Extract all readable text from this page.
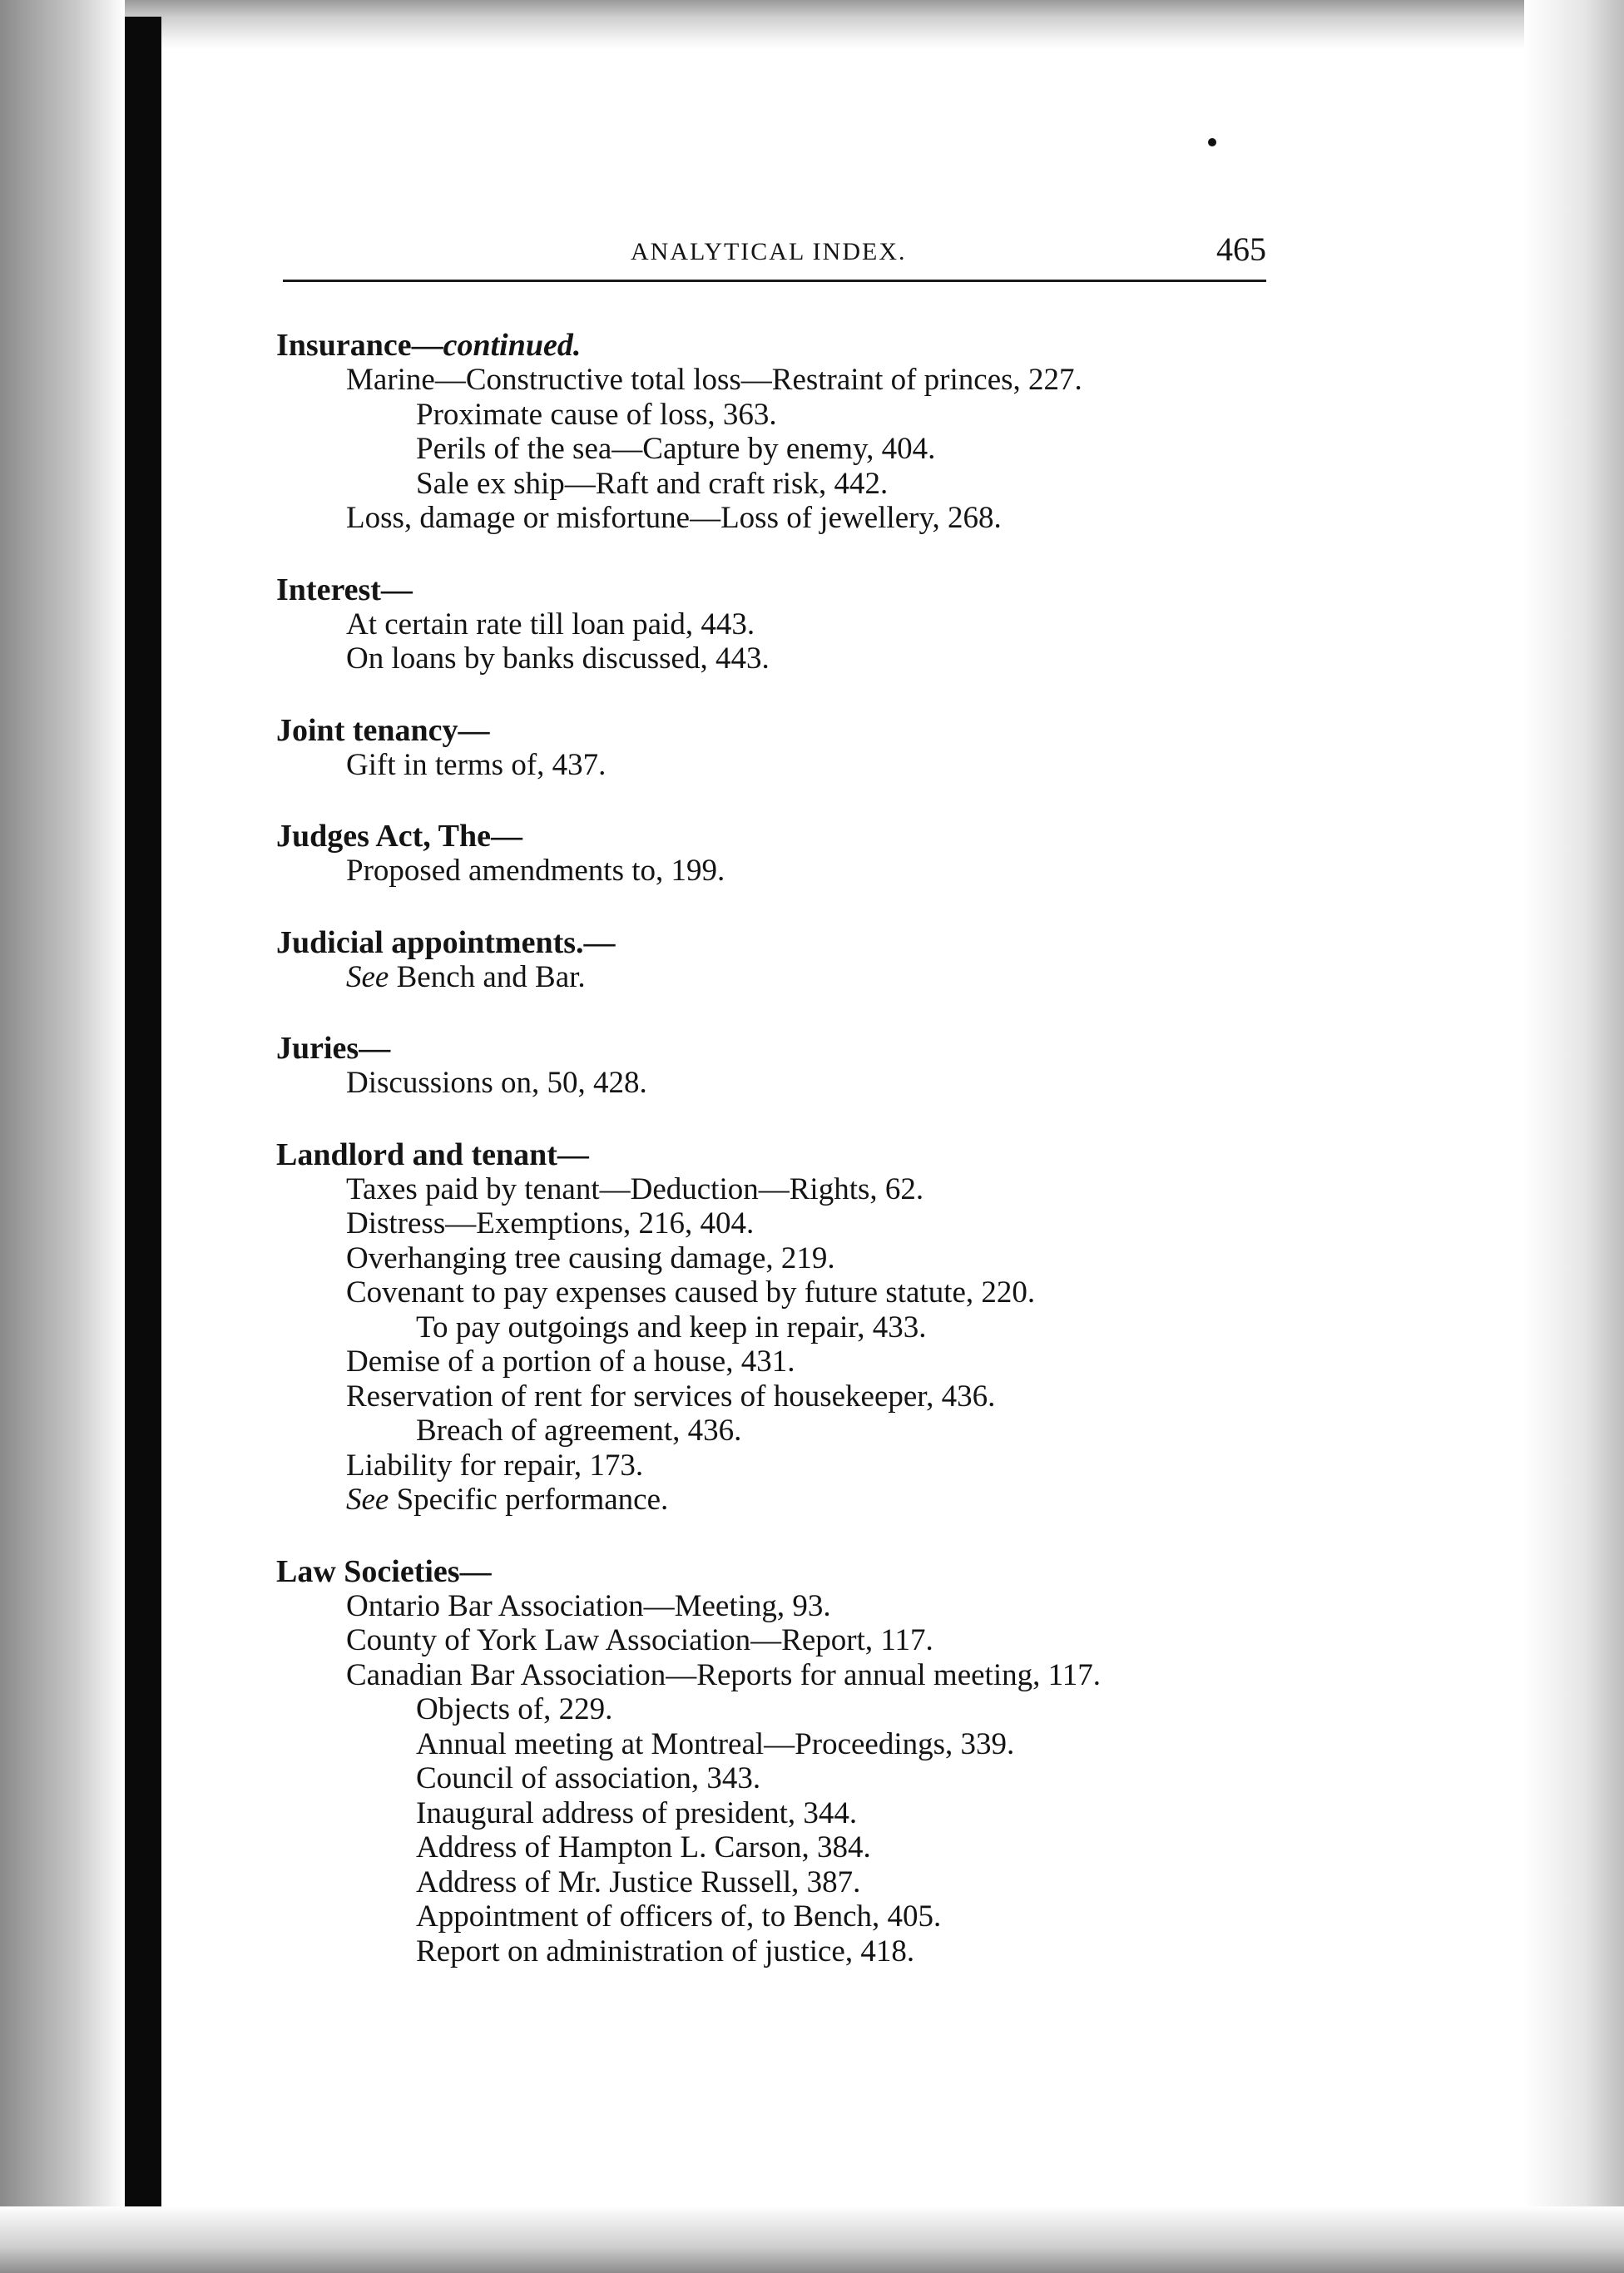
ANALYTICAL INDEX.	465

Insurance—continued.

Marine—Constructive total loss—Restraint of princes, 227.

Proximate cause of loss, 363.

Perils of the sea—Capture by enemy, 404.

Sale ex ship—Raft and craft risk, 442.

Loss, damage or misfortune—Loss of jewellery, 268.

Interest—

At certain rate till loan paid, 443.

On loans by banks discussed, 443.

Joint tenancy—

Gift in terms of, 437.

Judges Act, The—

Proposed amendments to, 199.

Judicial appointments.—

See Bench and Bar.

Juries—

Discussions on, 50, 428.

Landlord and tenant—

Taxes paid by tenant—Deduction—Rights, 62.

Distress—Exemptions, 216, 404.

Overhanging tree causing damage, 219.

Covenant to pay expenses caused by future statute, 220.

To pay outgoings and keep in repair, 433.

Demise of a portion of a house, 431.

Reservation of rent for services of housekeeper, 436.

Breach of agreement, 436.

Liability for repair, 173.

See Specific performance.

Law Societies—

Ontario Bar Association—Meeting, 93.

County of York Law Association—Report, 117.

Canadian Bar Association—Reports for annual meeting, 117.

Objects of, 229.

Annual meeting at Montreal—Proceedings, 339.

Council of association, 343.

Inaugural address of president, 344.

Address of Hampton L. Carson, 384.

Address of Mr. Justice Russell, 387.

Appointment of officers of, to Bench, 405.

Report on administration of justice, 418.
